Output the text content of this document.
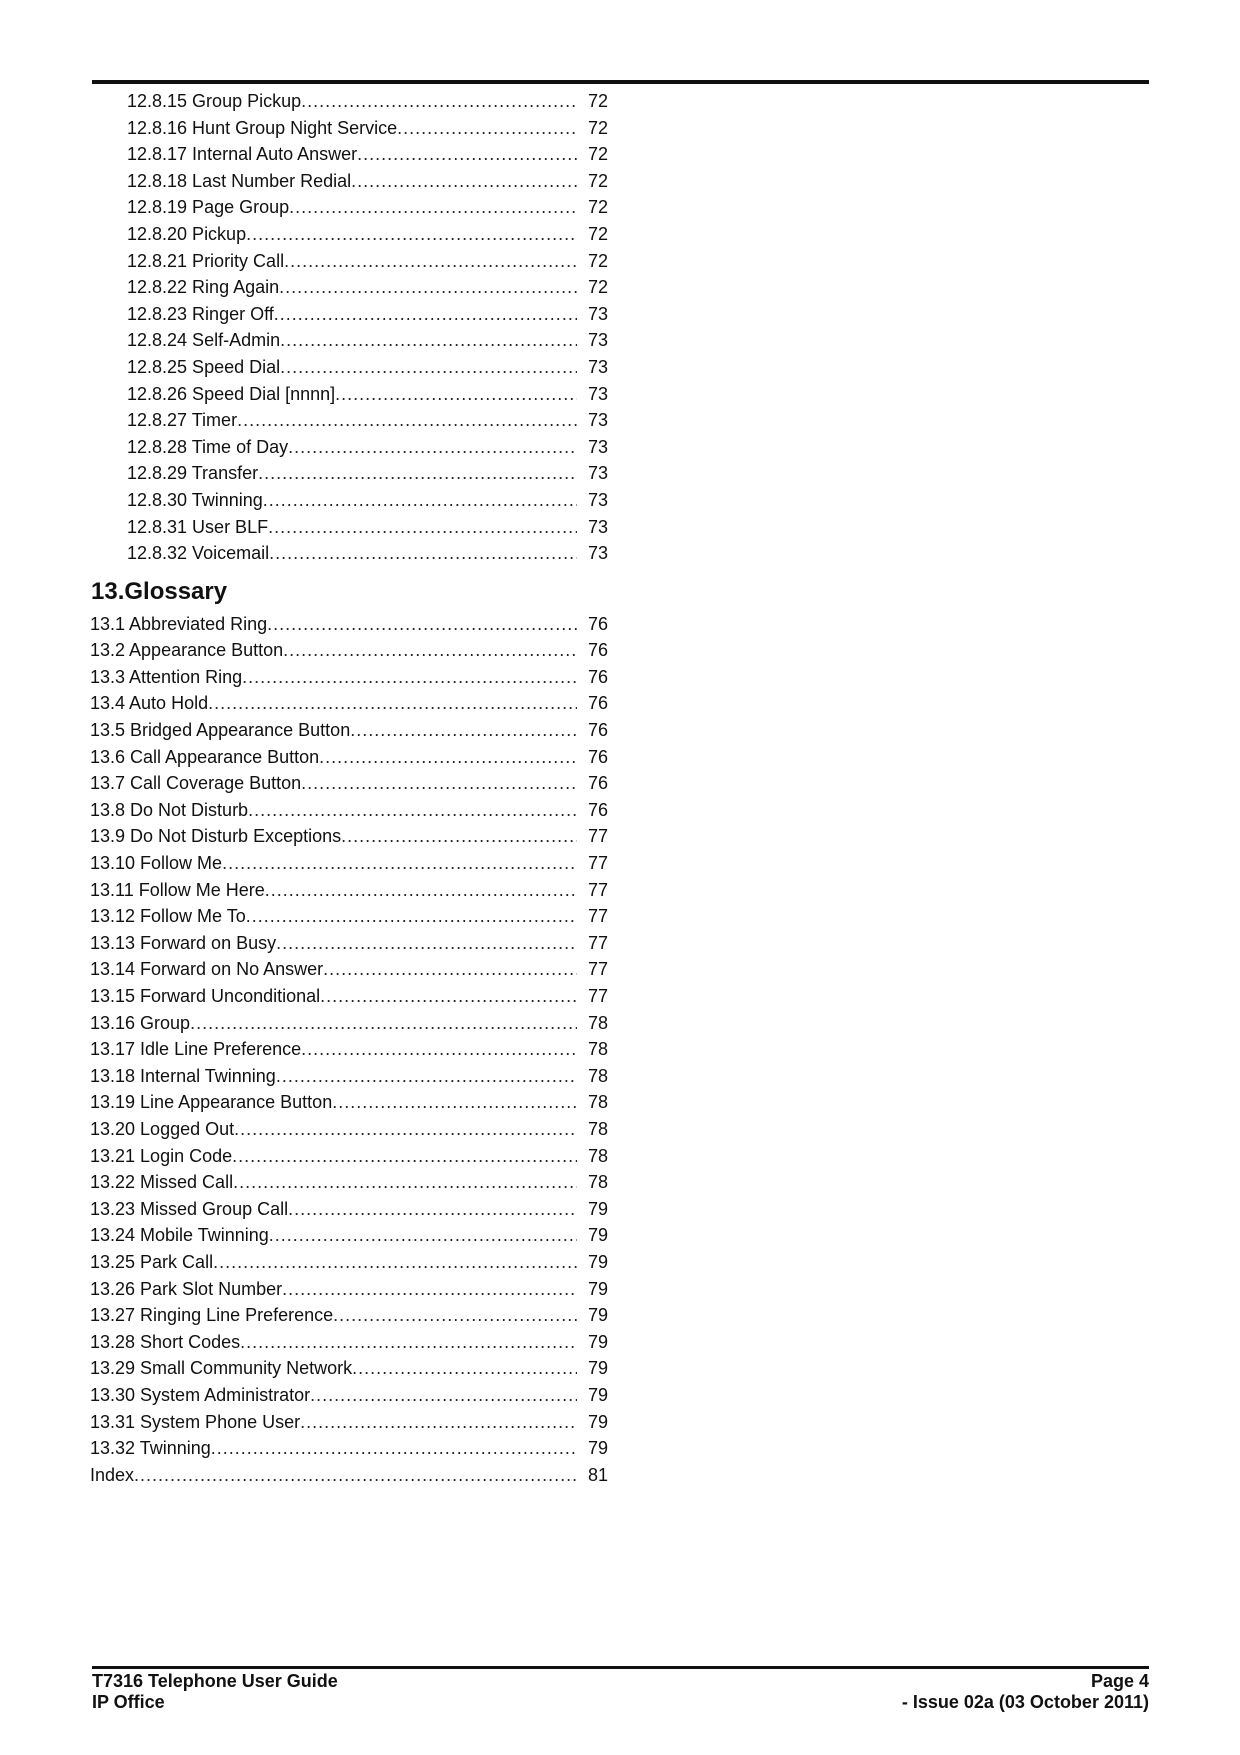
12.8.15 Group Pickup .....	72
12.8.16 Hunt Group Night Service .....	72
12.8.17 Internal Auto Answer .....	72
12.8.18 Last Number Redial .....	72
12.8.19 Page Group .....	72
12.8.20 Pickup .....	72
12.8.21 Priority Call .....	72
12.8.22 Ring Again .....	72
12.8.23 Ringer Off .....	73
12.8.24 Self-Admin .....	73
12.8.25 Speed Dial .....	73
12.8.26 Speed Dial [nnnn] .....	73
12.8.27 Timer .....	73
12.8.28 Time of Day .....	73
12.8.29 Transfer .....	73
12.8.30 Twinning .....	73
12.8.31 User BLF .....	73
12.8.32 Voicemail .....	73
13.Glossary
13.1 Abbreviated Ring .....	76
13.2 Appearance Button .....	76
13.3 Attention Ring .....	76
13.4 Auto Hold .....	76
13.5 Bridged Appearance Button .....	76
13.6 Call Appearance Button .....	76
13.7 Call Coverage Button .....	76
13.8 Do Not Disturb .....	76
13.9 Do Not Disturb Exceptions .....	77
13.10 Follow Me .....	77
13.11 Follow Me Here .....	77
13.12 Follow Me To .....	77
13.13 Forward on Busy .....	77
13.14 Forward on No Answer .....	77
13.15 Forward Unconditional .....	77
13.16 Group .....	78
13.17 Idle Line Preference .....	78
13.18 Internal Twinning .....	78
13.19 Line Appearance Button .....	78
13.20 Logged Out .....	78
13.21 Login Code .....	78
13.22 Missed Call .....	78
13.23 Missed Group Call .....	79
13.24 Mobile Twinning .....	79
13.25 Park Call .....	79
13.26 Park Slot Number .....	79
13.27 Ringing Line Preference .....	79
13.28 Short Codes .....	79
13.29 Small Community Network .....	79
13.30 System Administrator .....	79
13.31 System Phone User .....	79
13.32 Twinning .....	79
Index .....	81
T7316 Telephone User Guide
IP Office
Page 4
- Issue 02a (03 October 2011)
